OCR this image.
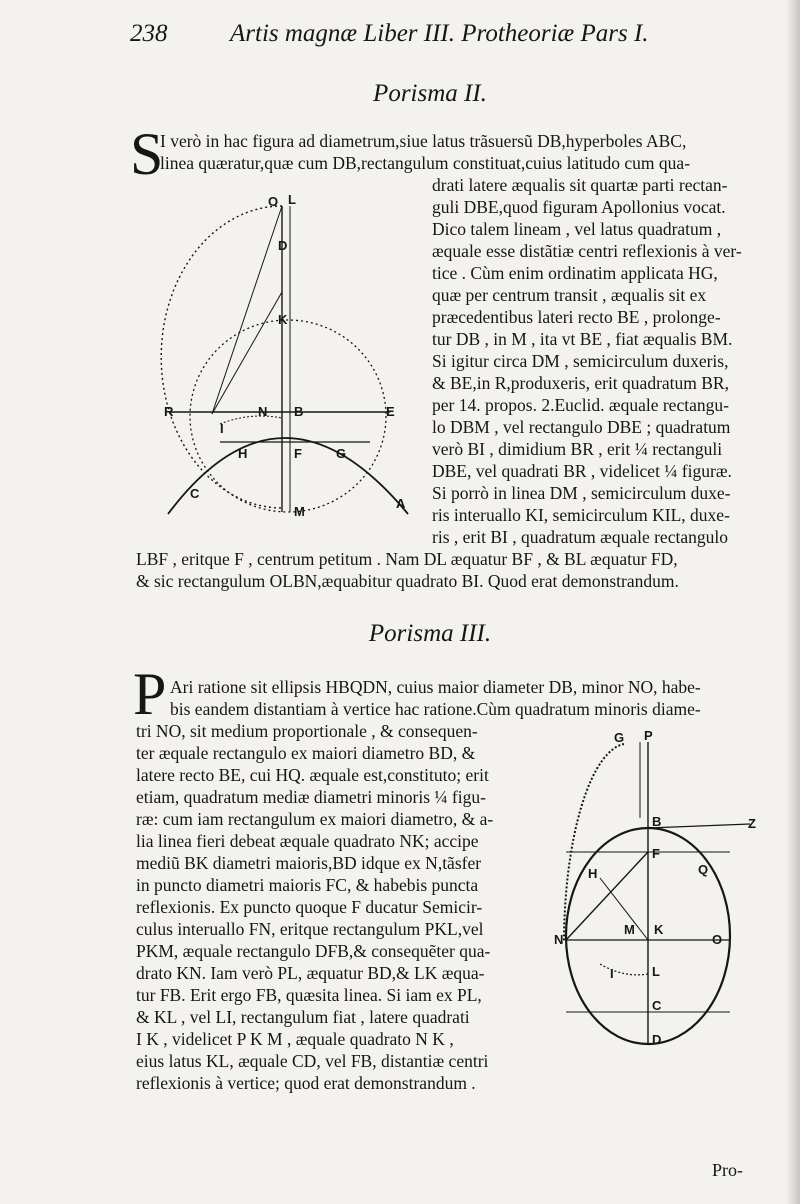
238	Artis magnæ Liber III. Protheoriæ Pars I.
Porisma II.
S
I verò in hac figura ad diametrum,siue latus trãsuersũ DB,hyperboles ABC,
linea quæratur,quæ cum DB,rectangulum constituat,cuius latitudo cum qua-
drati latere æqualis sit quartæ parti rectan-
guli DBE,quod figuram Apollonius vocat.
Dico talem lineam , vel latus quadratum ,
æquale esse distãtiæ centri reflexionis à ver-
tice . Cùm enim ordinatim applicata HG,
quæ per centrum transit , æqualis sit ex
præcedentibus lateri recto BE , prolonge-
tur DB , in M , ita vt BE , fiat æqualis BM.
Si igitur circa DM , semicirculum duxeris,
& BE,in R,produxeris, erit quadratum BR,
per 14. propos. 2.Euclid. æquale rectangu-
lo DBM , vel rectangulo DBE ; quadratum
verò BI , dimidium BR , erit ¼ rectanguli
DBE, vel quadrati BR , videlicet ¼ figuræ.
Si porrò in linea DM , semicirculum duxe-
ris interuallo KI, semicirculum KIL, duxe-
ris , erit BI , quadratum æquale rectangulo
LBF , eritque F , centrum petitum . Nam DL æquatur BF , & BL æquatur FD,
& sic rectangulum OLBN,æquabitur quadrato BI. Quod erat demonstrandum.
O L
D
K
R	N
I
B	E
H	F	G
C
M
A
Porisma III.
P Ari ratione sit ellipsis HBQDN, cuius maior diameter DB, minor NO, habe-
bis eandem distantiam à vertice hac ratione.Cùm quadratum minoris diame-
tri NO, sit medium proportionale , & consequen-
ter æquale rectangulo ex maiori diametro BD, &
latere recto BE, cui HQ. æquale est,constituto; erit
etiam, quadratum mediæ diametri minoris ¼ figu-
ræ: cum iam rectangulum ex maiori diametro, & a-
lia linea fieri debeat æquale quadrato NK; accipe
mediũ BK diametri maioris,BD idque ex N,tãsfer
in puncto diametri maioris FC, & habebis puncta
reflexionis. Ex puncto quoque F ducatur Semicir-
culus interuallo FN, eritque rectangulum PKL,vel
PKM, æquale rectangulo DFB,& consequẽter qua-
drato KN. Iam verò PL, æquatur BD,& LK æqua-
tur FB. Erit ergo FB, quæsita linea. Si iam ex PL,
& KL , vel LI, rectangulum fiat , latere quadrati
I K , videlicet P K M , æquale quadrato N K ,
eius latus KL, æquale CD, vel FB, distantiæ centri
reflexionis à vertice; quod erat demonstrandum .
G P
B	Z
F
Q
H
M K
N	O
I	L
C
D
Pro-
